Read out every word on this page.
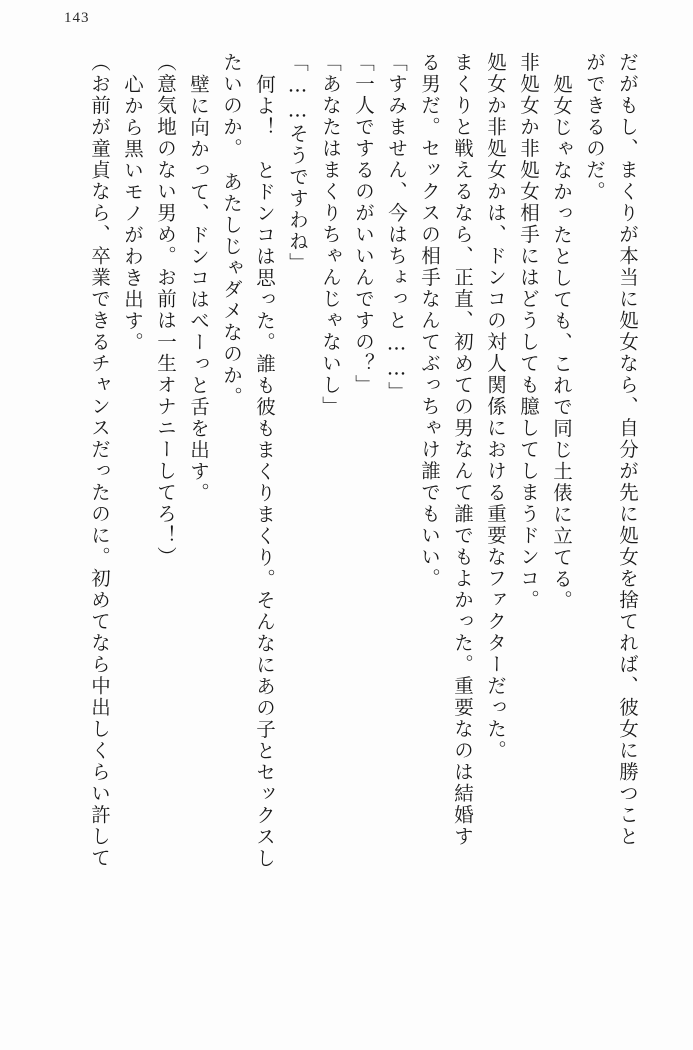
143
だがもし、まくりが本当に処女なら、自分が先に処女を捨てれば、彼女に勝つこと
ができるのだ。
処女じゃなかったとしても、これで同じ土俵に立てる。
非処女か非処女相手にはどうしても臆してしまうドンコ。
処女か非処女かは、ドンコの対人関係における重要なファクターだった。
まくりと戦えるなら、正直、初めての男なんて誰でもよかった。重要なのは結婚す
る男だ。セックスの相手なんてぶっちゃけ誰でもいい。
「すみません、今はちょっと……」
「一人でするのがいいんですの？」
「あなたはまくりちゃんじゃないし」
「……そうですわね」
何よ！　とドンコは思った。誰も彼もまくりまくり。そんなにあの子とセックスし
たいのか。　あたしじゃダメなのか。
壁に向かって、ドンコはべーっと舌を出す。
（意気地のない男め。お前は一生オナニーしてろ！）
心から黒いモノがわき出す。
（お前が童貞なら、卒業できるチャンスだったのに。初めてなら中出しくらい許して
